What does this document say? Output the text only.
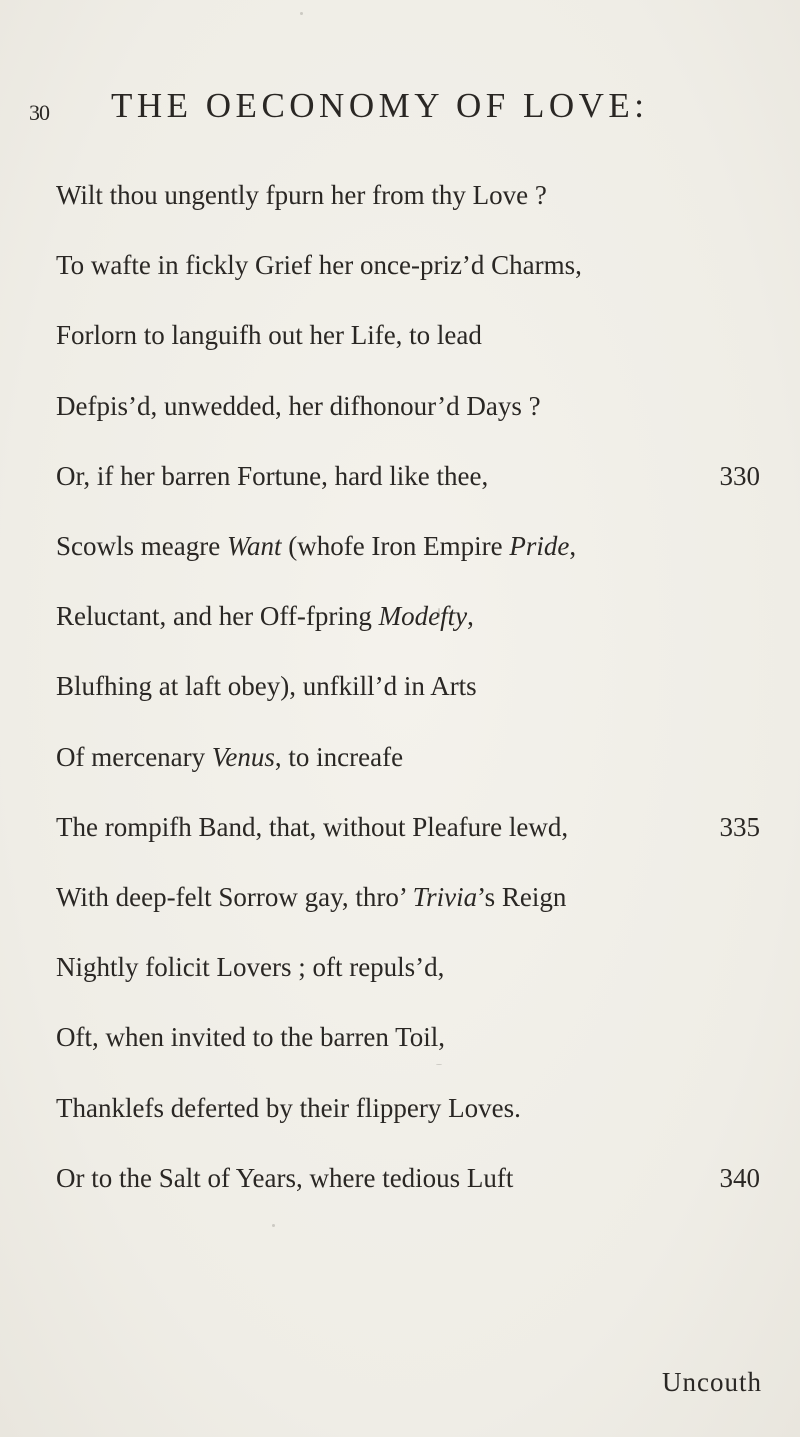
30 THE OECONOMY OF LOVE:
Wilt thou ungently fpurn her from thy Love ?
To wafte in fickly Grief her once-priz’d Charms,
Forlorn to languifh out her Life, to lead
Defpis’d, unwedded, her difhonour’d Days ?
Or, if her barren Fortune, hard like thee,	330
Scowls meagre Want (whofe Iron Empire Pride,
Reluctant, and her Off-fpring Modefty,
Blufhing at laft obey), unfkill’d in Arts
Of mercenary Venus, to increafe
The rompifh Band, that, without Pleafure lewd,	335
With deep-felt Sorrow gay, thro’ Trivia’s Reign
Nightly folicit Lovers ; oft repuls’d,
Oft, when invited to the barren Toil,
Thanklefs deferted by their flippery Loves.
Or to the Salt of Years, where tedious Luft	340
Uncouth
